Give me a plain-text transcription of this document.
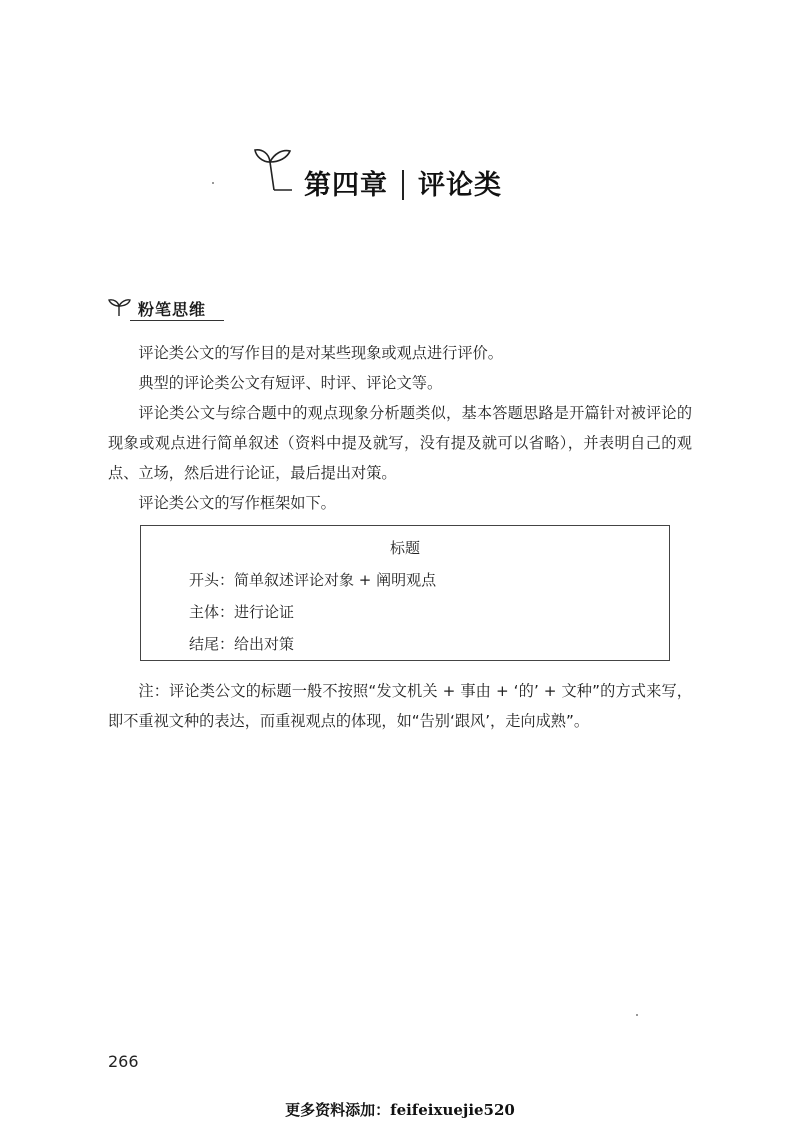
第四章 评论类
粉笔思维

评论类公文的写作目的是对某些现象或观点进行评价。

典型的评论类公文有短评、时评、评论文等。

评论类公文与综合题中的观点现象分析题类似，基本答题思路是开篇针对被评论的现象或观点进行简单叙述（资料中提及就写，没有提及就可以省略），并表明自己的观点、立场，然后进行论证，最后提出对策。

评论类公文的写作框架如下。

标题
开头：简单叙述评论对象 + 阐明观点
主体：进行论证
结尾：给出对策

注：评论类公文的标题一般不按照“发文机关 + 事由 + ‘的’ + 文种”的方式来写，即不重视文种的表达，而重视观点的体现，如“告别‘跟风’，走向成熟”。

266
更多资料添加：feifeixuejie520
